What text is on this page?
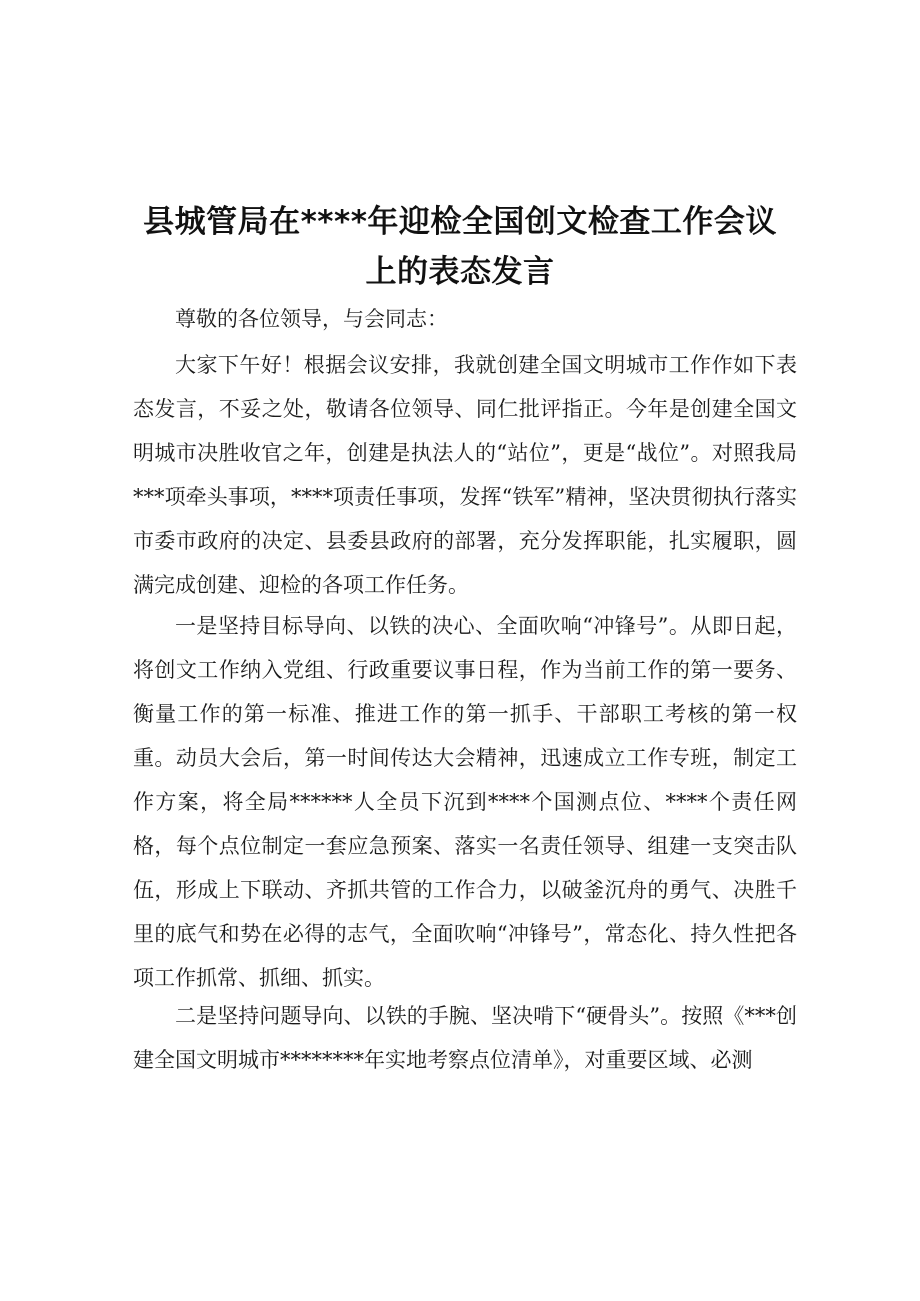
县城管局在****年迎检全国创文检查工作会议
上的表态发言

尊敬的各位领导，与会同志：

大家下午好！根据会议安排，我就创建全国文明城市工作作如下表态发言，不妥之处，敬请各位领导、同仁批评指正。今年是创建全国文明城市决胜收官之年，创建是执法人的“站位”，更是“战位”。对照我局***项牵头事项，****项责任事项，发挥“铁军”精神，坚决贯彻执行落实市委市政府的决定、县委县政府的部署，充分发挥职能，扎实履职，圆满完成创建、迎检的各项工作任务。

一是坚持目标导向、以铁的决心、全面吹响“冲锋号”。从即日起，将创文工作纳入党组、行政重要议事日程，作为当前工作的第一要务、衡量工作的第一标准、推进工作的第一抓手、干部职工考核的第一权重。动员大会后，第一时间传达大会精神，迅速成立工作专班，制定工作方案，将全局******人全员下沉到****个国测点位、****个责任网格，每个点位制定一套应急预案、落实一名责任领导、组建一支突击队伍，形成上下联动、齐抓共管的工作合力，以破釜沉舟的勇气、决胜千里的底气和势在必得的志气，全面吹响“冲锋号”，常态化、持久性把各项工作抓常、抓细、抓实。

二是坚持问题导向、以铁的手腕、坚决啃下“硬骨头”。按照《***创建全国文明城市********年实地考察点位清单》，对重要区域、必测
